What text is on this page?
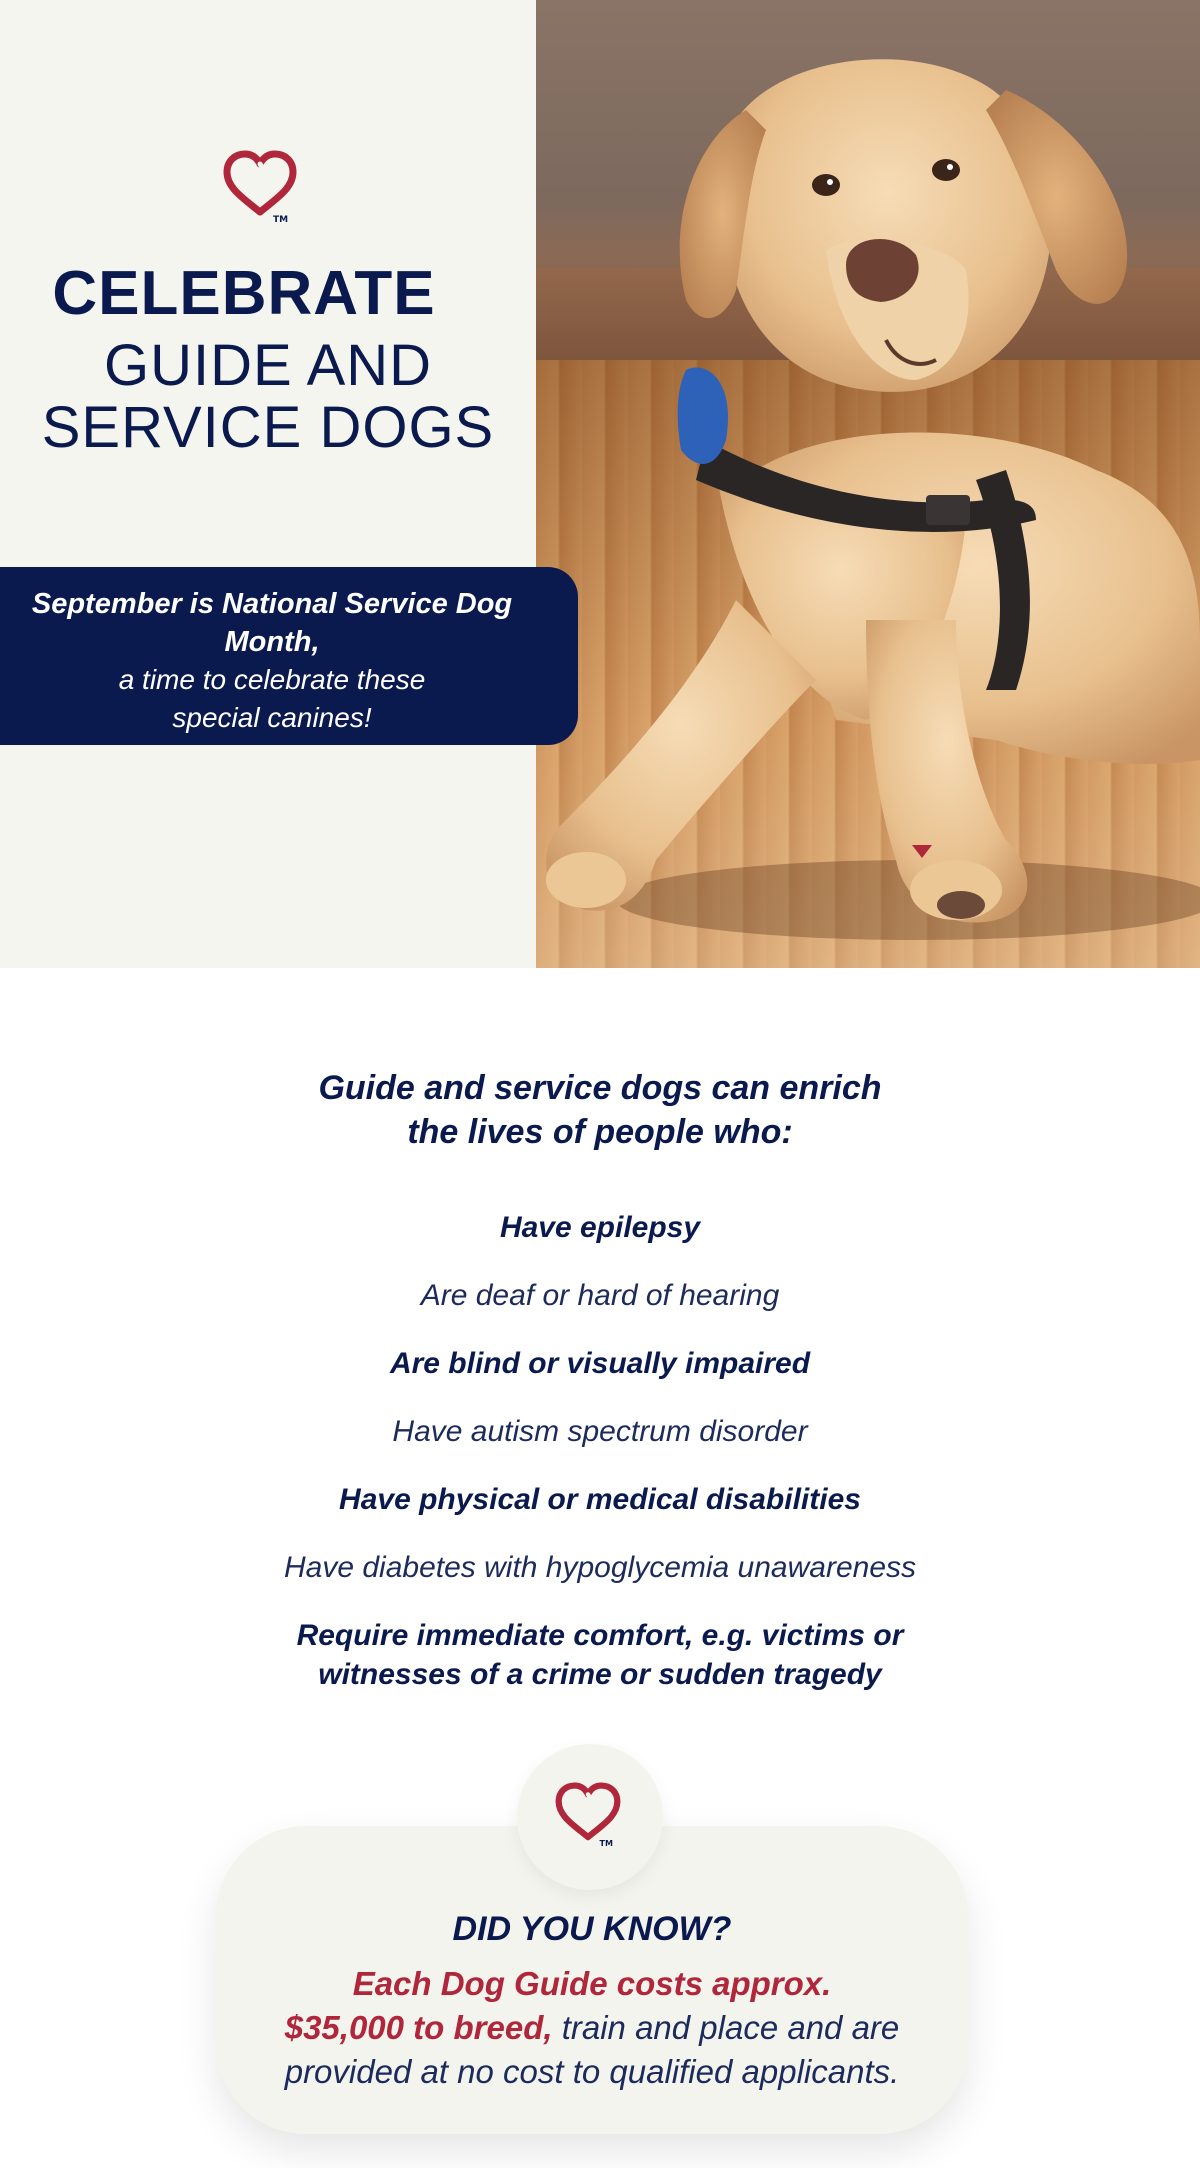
TM
CELEBRATE
GUIDE AND
SERVICE DOGS
September is National Service Dog Month,
a time to celebrate these special canines!
Guide and service dogs can enrich
the lives of people who:
Have epilepsy
Are deaf or hard of hearing
Are blind or visually impaired
Have autism spectrum disorder
Have physical or medical disabilities
Have diabetes with hypoglycemia unawareness
Require immediate comfort, e.g. victims or witnesses of a crime or sudden tragedy
DID YOU KNOW?
Each Dog Guide costs approx.
$35,000 to breed, train and place and are provided at no cost to qualified applicants.
TM
